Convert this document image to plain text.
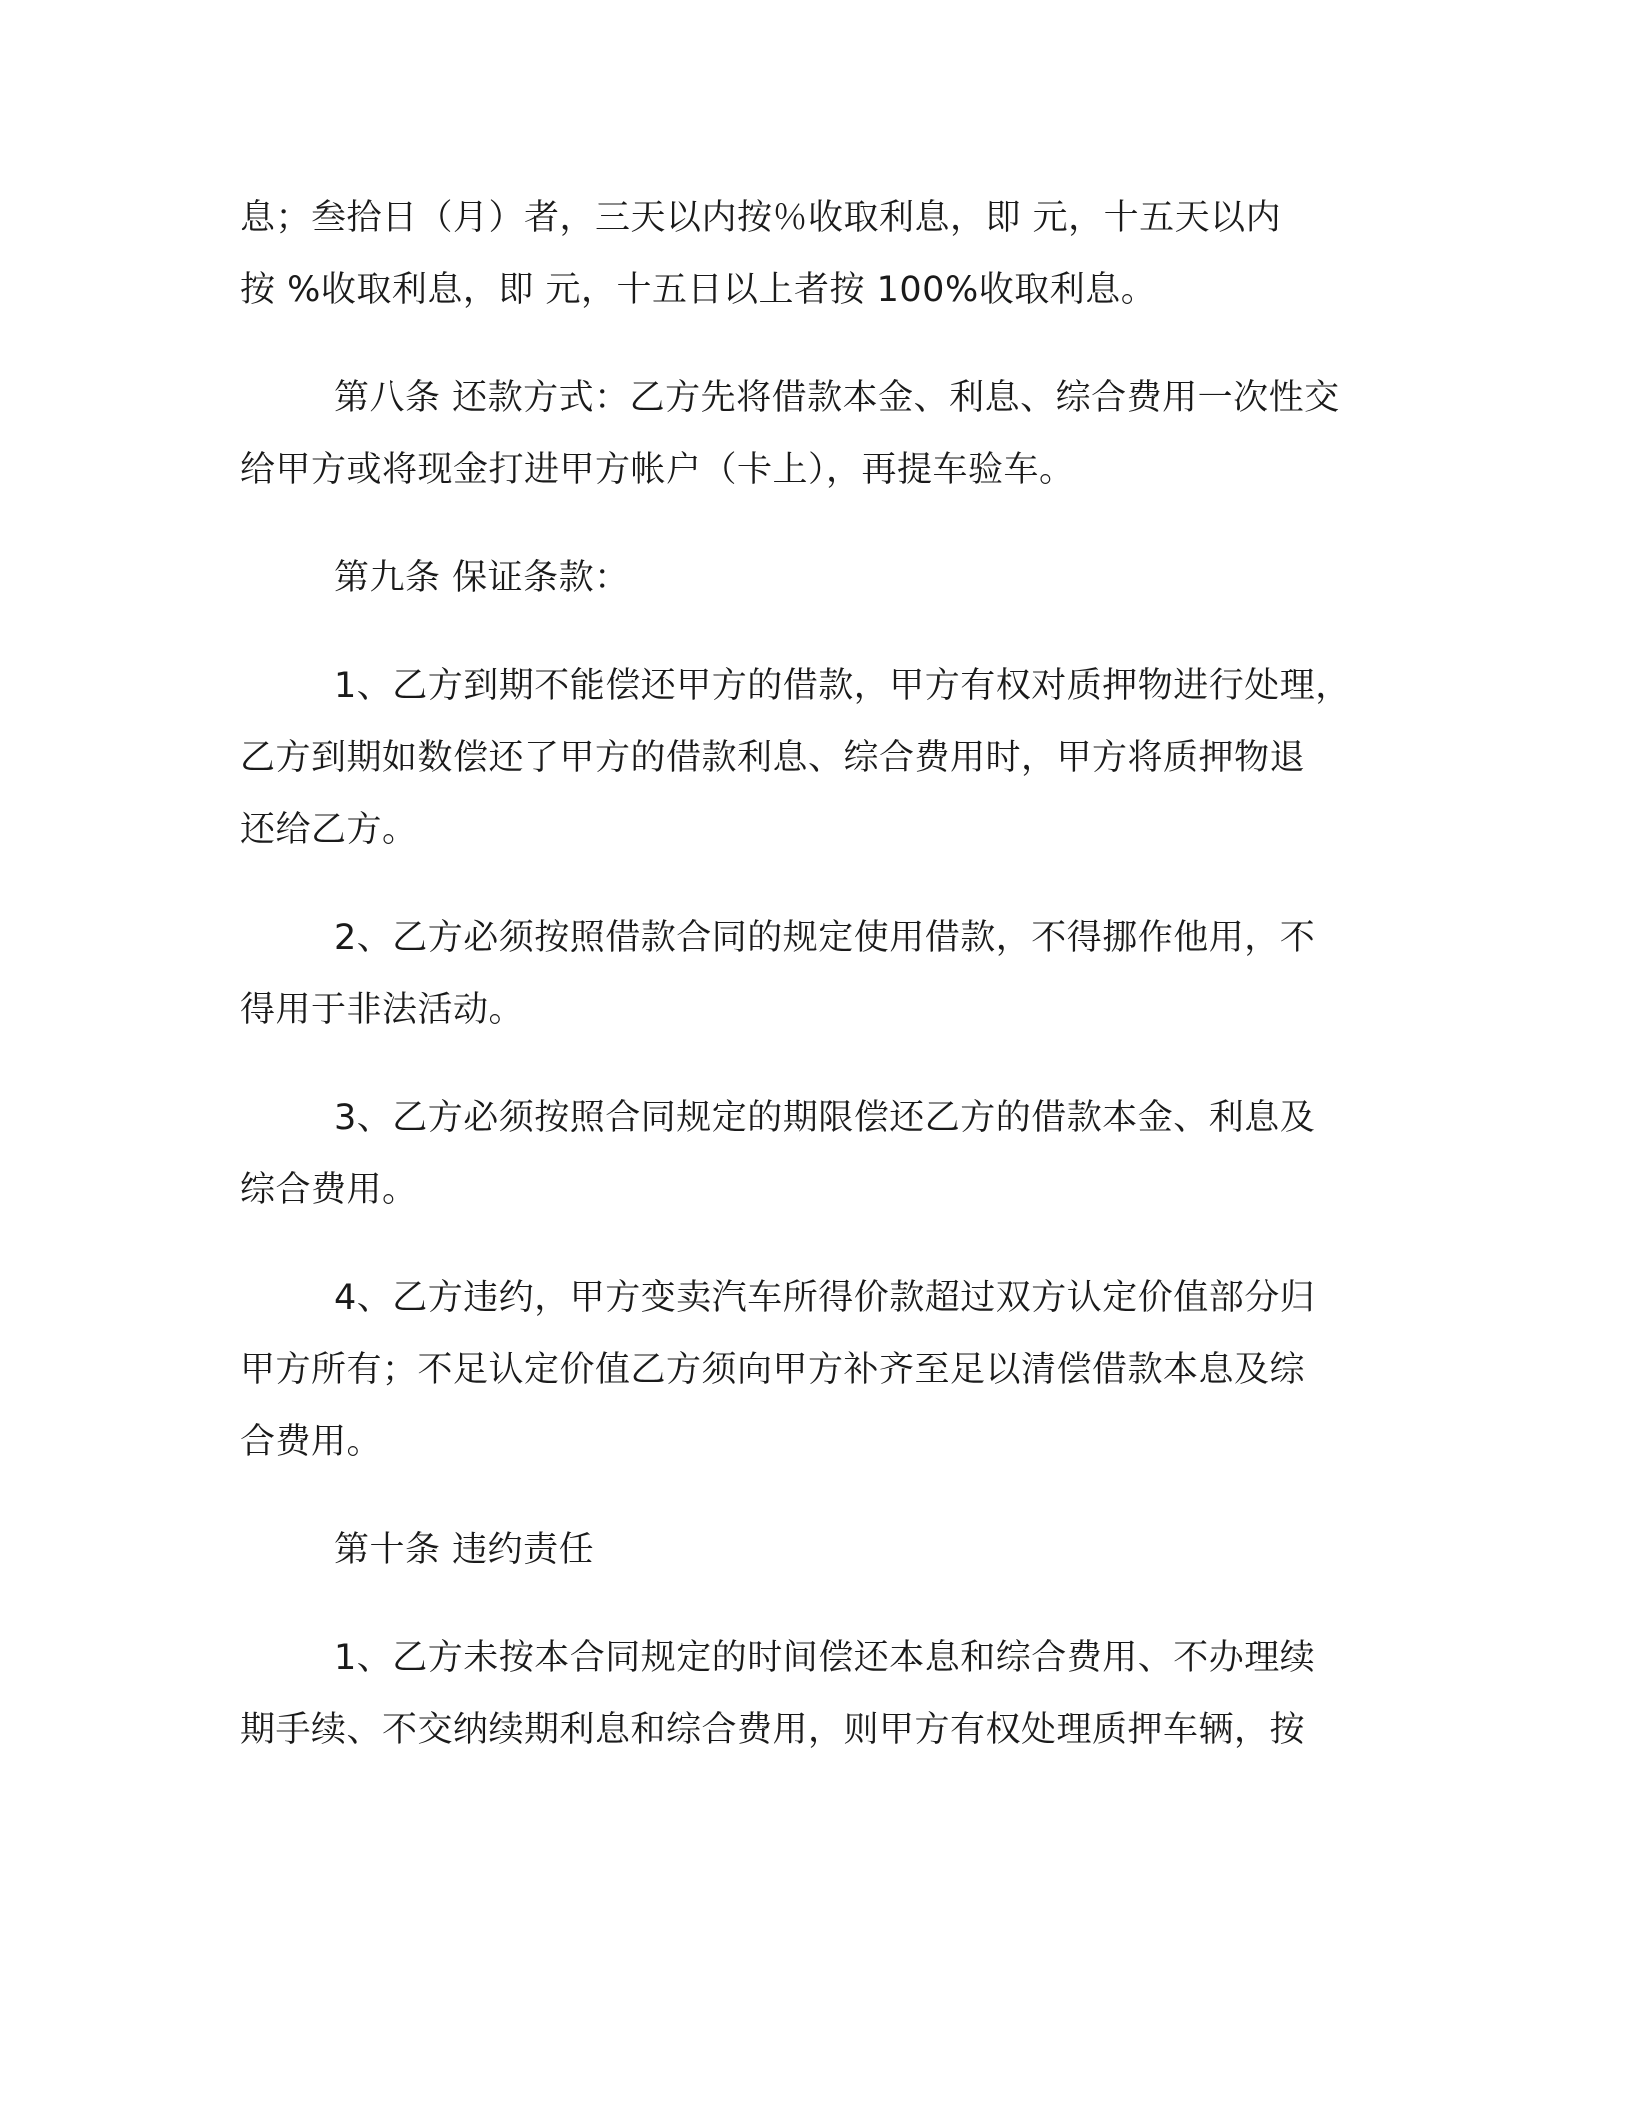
息；叁拾日（月）者，三天以内按％收取利息，即 元，十五天以内
按 %收取利息，即 元，十五日以上者按 100%收取利息。
第八条 还款方式：乙方先将借款本金、利息、综合费用一次性交
给甲方或将现金打进甲方帐户（卡上），再提车验车。
第九条 保证条款：
1、乙方到期不能偿还甲方的借款，甲方有权对质押物进行处理，
乙方到期如数偿还了甲方的借款利息、综合费用时，甲方将质押物退
还给乙方。
2、乙方必须按照借款合同的规定使用借款，不得挪作他用，不
得用于非法活动。
3、乙方必须按照合同规定的期限偿还乙方的借款本金、利息及
综合费用。
4、乙方违约，甲方变卖汽车所得价款超过双方认定价值部分归
甲方所有；不足认定价值乙方须向甲方补齐至足以清偿借款本息及综
合费用。
第十条 违约责任
1、乙方未按本合同规定的时间偿还本息和综合费用、不办理续
期手续、不交纳续期利息和综合费用，则甲方有权处理质押车辆，按
